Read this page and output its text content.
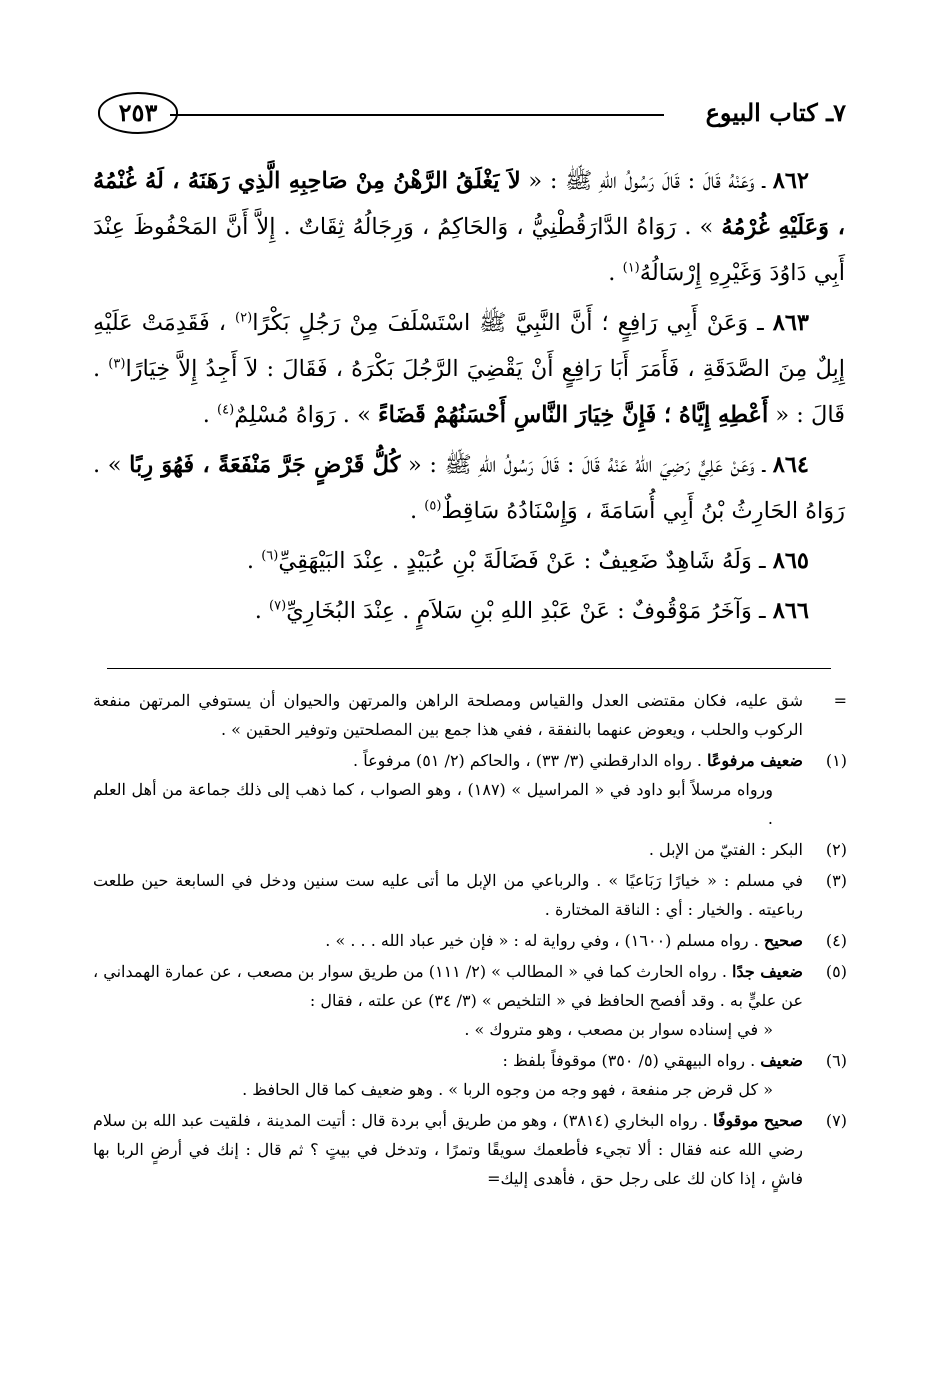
٧ـ كتاب البيوع
٢٥٣

٨٦٢ ـ وَعَنْهُ قَالَ : قَالَ رَسُولُ اللهِ ﷺ : « لاَ يَغْلَقُ الرَّهْنُ مِنْ صَاحِبِهِ الَّذِي رَهَنَهُ ، لَهُ غُنْمُهُ ، وَعَلَيْهِ غُرْمُهُ » . رَوَاهُ الدَّارَقُطْنِيُّ ، وَالحَاكِمُ ، وَرِجَالُهُ ثِقَاتٌ . إِلاَّ أَنَّ المَحْفُوظَ عِنْدَ أَبِي دَاوُدَ وَغَيْرِهِ إِرْسَالُهُ$^{(١)}$ .

٨٦٣ ـ وَعَنْ أَبِي رَافِعٍ ؛ أَنَّ النَّبِيَّ ﷺ اسْتَسْلَفَ مِنْ رَجُلٍ بَكْرًا$^{(٢)}$ ، فَقَدِمَتْ عَلَيْهِ إِبِلٌ مِنَ الصَّدَقَةِ ، فَأَمَرَ أَبَا رَافِعٍ أَنْ يَقْضِيَ الرَّجُلَ بَكْرَهُ ، فَقَالَ : لاَ أَجِدُ إِلاَّ خِيَارًا$^{(٣)}$ . قَالَ : « أَعْطِهِ إِيَّاهُ ؛ فَإِنَّ خِيَارَ النَّاسِ أَحْسَنُهُمْ قَضَاءً » . رَوَاهُ مُسْلِمٌ$^{(٤)}$ .

٨٦٤ ـ وَعَنْ عَلِيٍّ رَضِيَ اللهُ عَنْهُ قَالَ : قَالَ رَسُولُ اللهِ ﷺ : « كُلُّ قَرْضٍ جَرَّ مَنْفَعَةً ، فَهُوَ رِبًا » . رَوَاهُ الحَارِثُ بْنُ أَبِي أُسَامَةَ ، وَإِسْنَادُهُ سَاقِطٌ$^{(٥)}$ .

٨٦٥ ـ وَلَهُ شَاهِدٌ ضَعِيفٌ : عَنْ فَضَالَةَ بْنِ عُبَيْدٍ . عِنْدَ البَيْهَقِيِّ$^{(٦)}$ .

٨٦٦ ـ وَآخَرُ مَوْقُوفٌ : عَنْ عَبْدِ اللهِ بْنِ سَلاَمٍ . عِنْدَ البُخَارِيِّ$^{(٧)}$ .

=
شق عليه، فكان مقتضى العدل والقياس ومصلحة الراهن والمرتهن والحيوان أن يستوفي المرتهن منفعة الركوب والحلب ، ويعوض عنهما بالنفقة ، ففي هذا جمع بين المصلحتين وتوفير الحقين » .
(١)
ضعيف مرفوعًا . رواه الدارقطني (٣/ ٣٣) ، والحاكم (٢/ ٥١) مرفوعاً .
ورواه مرسلاً أبو داود في « المراسيل » (١٨٧) ، وهو الصواب ، كما ذهب إلى ذلك جماعة من أهل العلم .
(٢)
البكر : الفتيّ من الإبل .
(٣)
في مسلم : « خيارًا رَبَاعيًا » . والرباعي من الإبل ما أتى عليه ست سنين ودخل في السابعة حين طلعت رباعيته . والخيار : أي : الناقة المختارة .
(٤)
صحيح . رواه مسلم (١٦٠٠) ، وفي رواية له : « فإن خير عباد الله . . . » .
(٥)
ضعيف جدًا . رواه الحارث كما في « المطالب » (٢/ ١١١) من طريق سوار بن مصعب ، عن عمارة الهمداني ، عن عليٍّ به . وقد أفصح الحافظ في « التلخيص » (٣/ ٣٤) عن علته ، فقال :
« في إسناده سوار بن مصعب ، وهو متروك » .
(٦)
ضعيف . رواه البيهقي (٥/ ٣٥٠) موقوفاً بلفظ :
« كل قرض جر منفعة ، فهو وجه من وجوه الربا » . وهو ضعيف كما قال الحافظ .
(٧)
صحيح موقوفًا . رواه البخاري (٣٨١٤) ، وهو من طريق أبي بردة قال : أتيت المدينة ، فلقيت عبد الله بن سلام رضي الله عنه فقال : ألا تجيء فأطعمك سويقًا وتمرًا ، وتدخل في بيتٍ ؟ ثم قال : إنك في أرضٍ الربا بها فاشٍ ، إذا كان لك على رجل حق ، فأهدى إليك=
